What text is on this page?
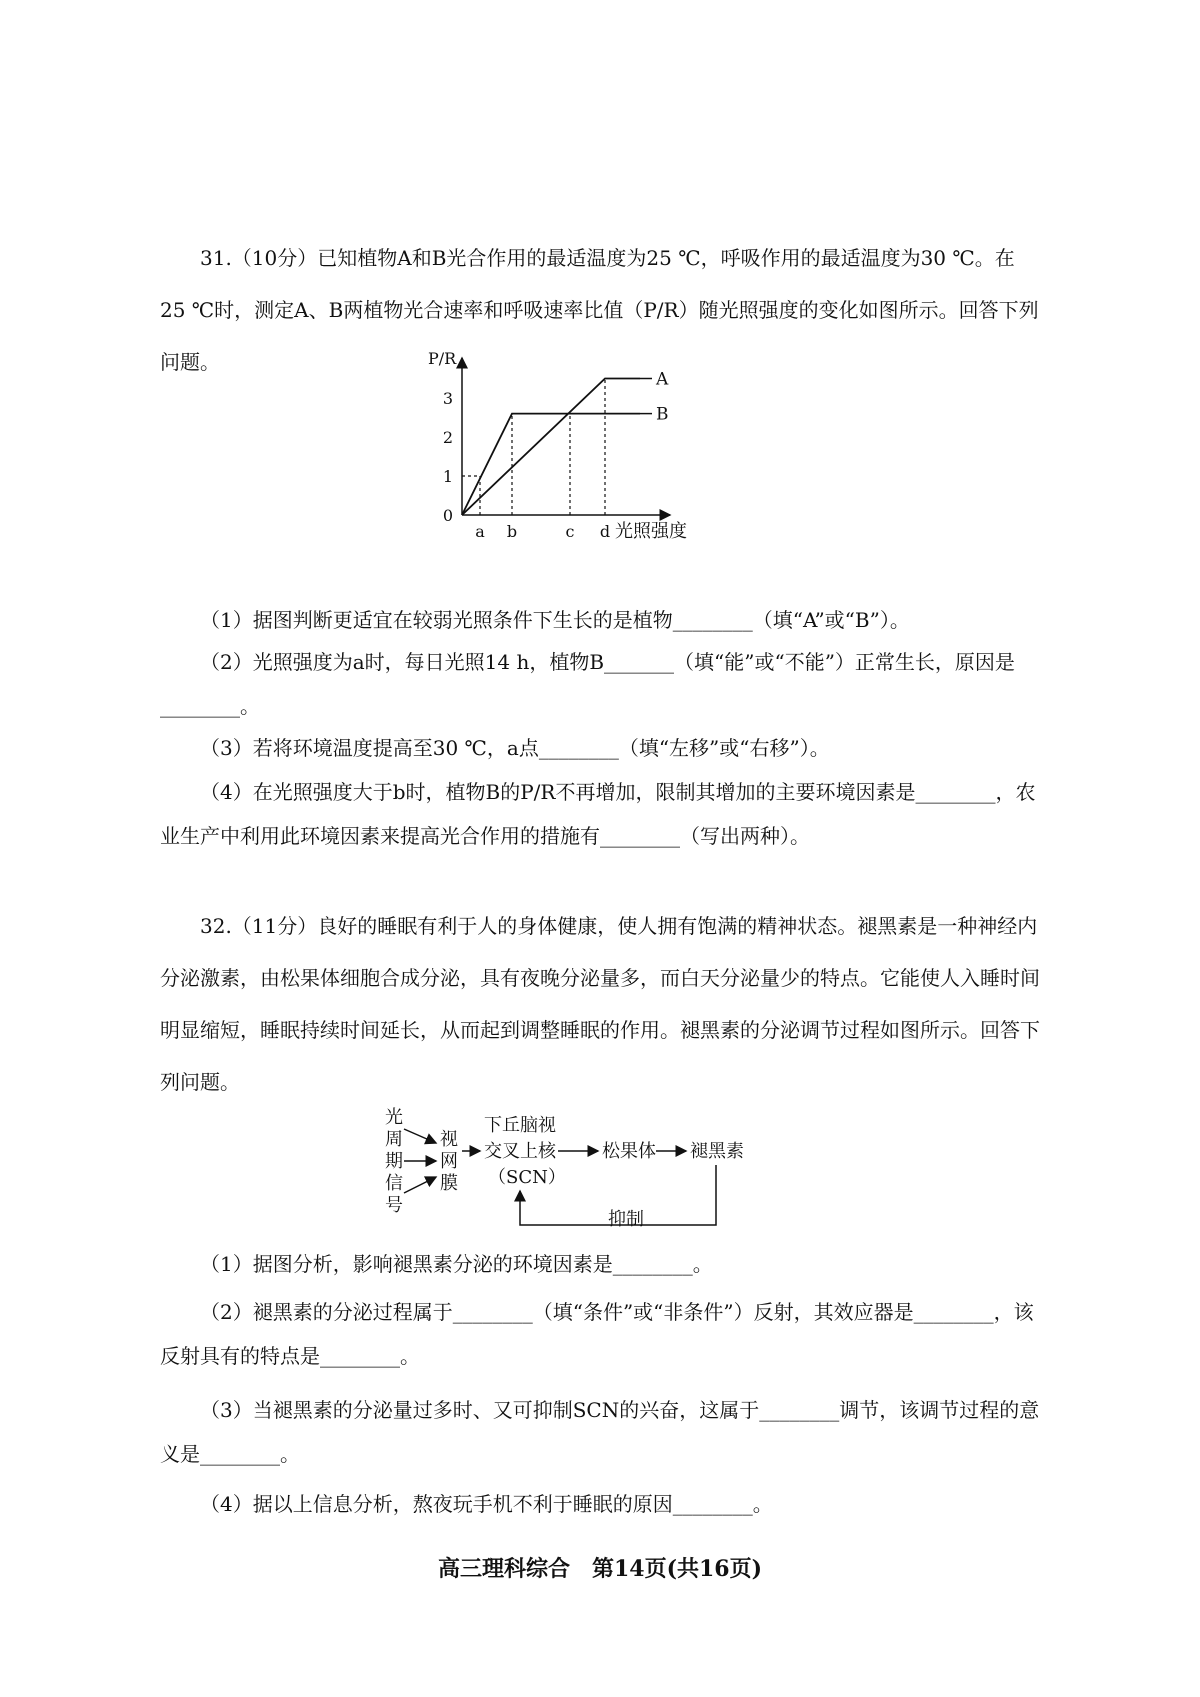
31.（10分）已知植物A和B光合作用的最适温度为25 ℃，呼吸作用的最适温度为30 ℃。在25 ℃时，测定A、B两植物光合速率和呼吸速率比值（P/R）随光照强度的变化如图所示。回答下列问题。	P/R
0
1
2
3
a b	c d 光照强度
A
B

（1）据图判断更适宜在较弱光照条件下生长的是植物________（填“A”或“B”）。

（2）光照强度为a时，每日光照14 h，植物B_______（填“能”或“不能”）正常生长，原因是________。

（3）若将环境温度提高至30 ℃，a点________（填“左移”或“右移”）。

（4）在光照强度大于b时，植物B的P/R不再增加，限制其增加的主要环境因素是________，农业生产中利用此环境因素来提高光合作用的措施有________（写出两种）。

32.（11分）良好的睡眠有利于人的身体健康，使人拥有饱满的精神状态。褪黑素是一种神经内分泌激素，由松果体细胞合成分泌，具有夜晚分泌量多，而白天分泌量少的特点。它能使人入睡时间明显缩短，睡眠持续时间延长，从而起到调整睡眠的作用。褪黑素的分泌调节过程如图所示。回答下列问题。

光
周
期
信
号
视
网
膜
下丘脑视
交叉上核
（SCN）
松果体 褪黑素
抑制

（1）据图分析，影响褪黑素分泌的环境因素是________。

（2）褪黑素的分泌过程属于________（填“条件”或“非条件”）反射，其效应器是________，该反射具有的特点是________。

（3）当褪黑素的分泌量过多时、又可抑制SCN的兴奋，这属于________调节，该调节过程的意义是________。

（4）据以上信息分析，熬夜玩手机不利于睡眠的原因________。

高三理科综合　第14页(共16页)
